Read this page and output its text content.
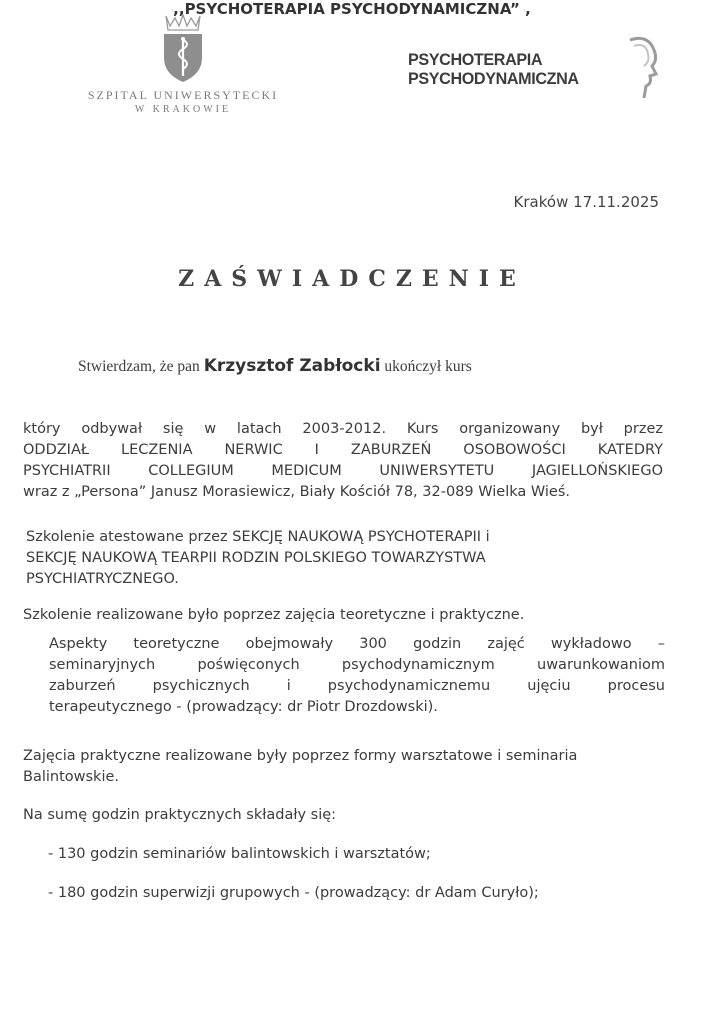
SZPITAL UNIWERSYTECKI
W KRAKOWIE
PSYCHOTERAPIA
PSYCHODYNAMICZNA
Kraków 17.11.2025
ZAŚWIADCZENIE
Stwierdzam, że pan Krzysztof Zabłocki ukończył kurs
,,PSYCHOTERAPIA PSYCHODYNAMICZNA” ,
który odbywał się w latach 2003-2012. Kurs organizowany był przez
ODDZIAŁ LECZENIA NERWIC I ZABURZEŃ OSOBOWOŚCI KATEDRY
PSYCHIATRII COLLEGIUM MEDICUM UNIWERSYTETU JAGIELLOŃSKIEGO
wraz z „Persona” Janusz Morasiewicz, Biały Kościół 78, 32-089 Wielka Wieś.
Szkolenie atestowane przez SEKCJĘ NAUKOWĄ PSYCHOTERAPII i
SEKCJĘ NAUKOWĄ TEARPII RODZIN POLSKIEGO TOWARZYSTWA
PSYCHIATRYCZNEGO.
Szkolenie realizowane było poprzez zajęcia teoretyczne i praktyczne.
Aspekty teoretyczne obejmowały 300 godzin zajęć wykładowo –
seminaryjnych poświęconych psychodynamicznym uwarunkowaniom
zaburzeń psychicznych i psychodynamicznemu ujęciu procesu
terapeutycznego - (prowadzący: dr Piotr Drozdowski).
Zajęcia praktyczne realizowane były poprzez formy warsztatowe i seminaria
Balintowskie.
Na sumę godzin praktycznych składały się:
- 130 godzin seminariów balintowskich i warsztatów;
- 180 godzin superwizji grupowych - (prowadzący: dr Adam Curyło);
